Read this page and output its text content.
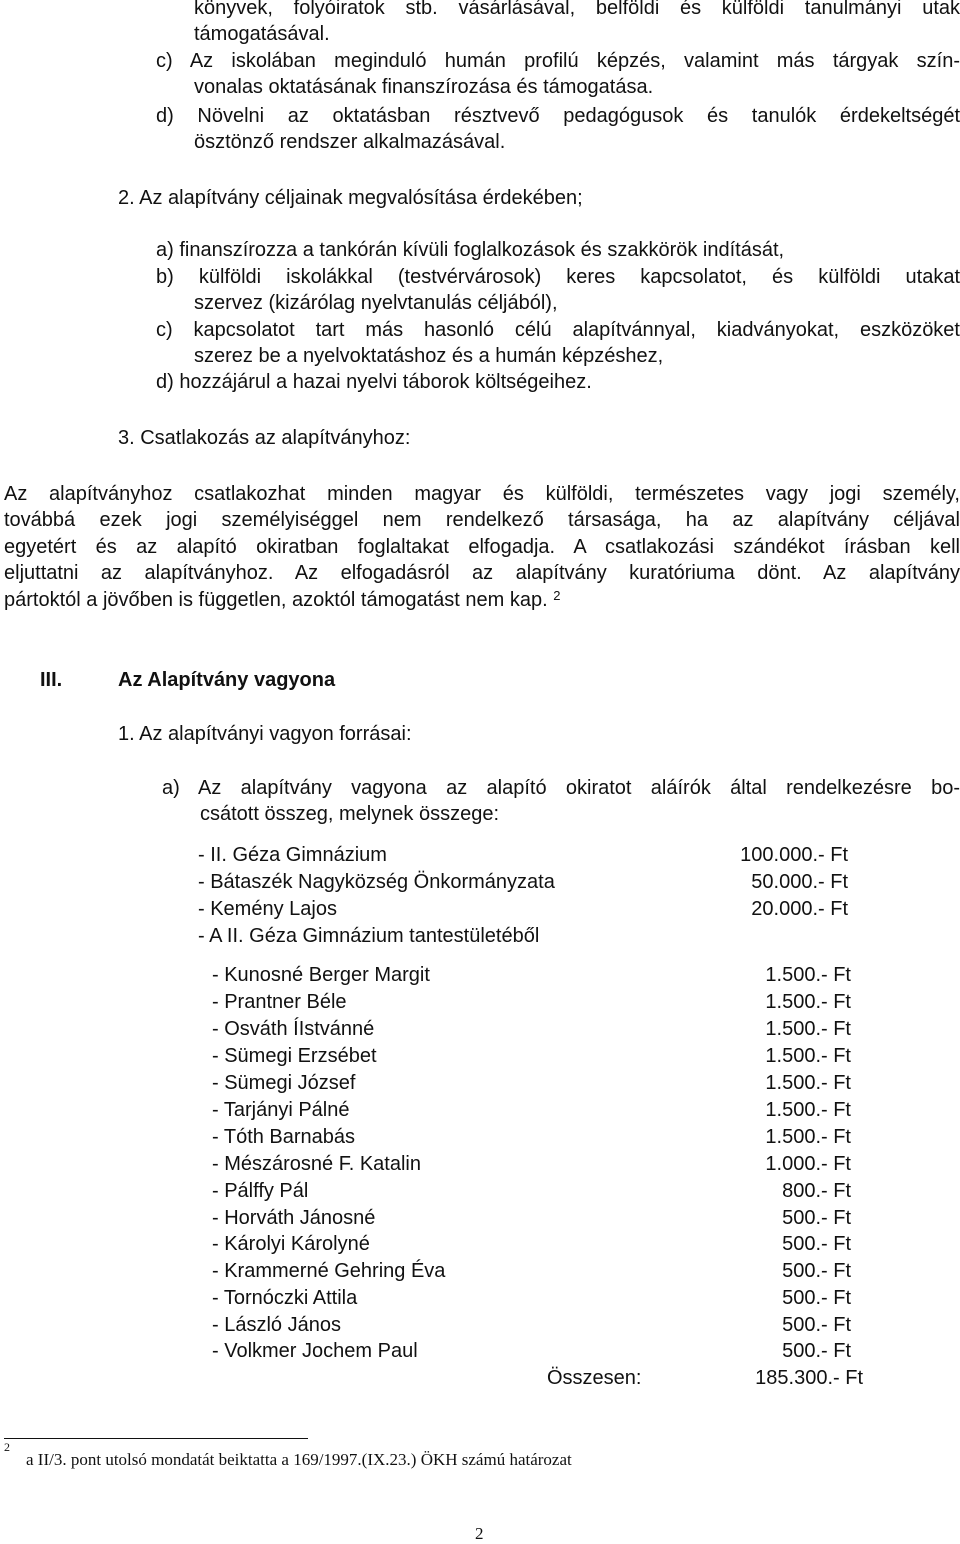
könyvek, folyóiratok stb. vásárlásával, belföldi és külföldi tanulmányi utak
támogatásával.
c) Az iskolában meginduló humán profilú képzés, valamint más tárgyak szín-
vonalas oktatásának finanszírozása és támogatása.
d) Növelni az oktatásban résztvevő pedagógusok és tanulók érdekeltségét
ösztönző rendszer alkalmazásával.
2. Az alapítvány céljainak megvalósítása érdekében;
a) finanszírozza a tankórán kívüli foglalkozások és szakkörök indítását,
b) külföldi iskolákkal (testvérvárosok) keres kapcsolatot, és külföldi utakat
szervez (kizárólag nyelvtanulás céljából),
c) kapcsolatot tart más hasonló célú alapítvánnyal, kiadványokat, eszközöket
szerez be a nyelvoktatáshoz és a humán képzéshez,
d) hozzájárul a hazai nyelvi táborok költségeihez.
3. Csatlakozás az alapítványhoz:
Az alapítványhoz csatlakozhat minden magyar és külföldi, természetes vagy jogi személy,
továbbá ezek jogi személyiséggel nem rendelkező társasága, ha az alapítvány céljával
egyetért és az alapító okiratban foglaltakat elfogadja. A csatlakozási szándékot írásban kell
eljuttatni az alapítványhoz. Az elfogadásról az alapítvány kuratóriuma dönt. Az alapítvány
pártoktól a jövőben is független, azoktól támogatást nem kap. $^2$
III.	Az Alapítvány vagyona
1. Az alapítványi vagyon forrásai:
a) Az alapítvány vagyona az alapító okiratot aláírók által rendelkezésre bo-
csátott összeg, melynek összege:
- II. Géza Gimnázium	100.000.- Ft
- Bátaszék Nagyközség Önkormányzata	50.000.- Ft
- Kemény Lajos	20.000.- Ft
- A II. Géza Gimnázium tantestületéből
- Kunosné Berger Margit	1.500.- Ft
- Prantner Béle	1.500.- Ft
- Osváth ÍIstvánné	1.500.- Ft
- Sümegi Erzsébet	1.500.- Ft
- Sümegi József	1.500.- Ft
- Tarjányi Pálné	1.500.- Ft
- Tóth Barnabás	1.500.- Ft
- Mészárosné F. Katalin	1.000.- Ft
- Pálffy Pál	800.- Ft
- Horváth Jánosné	500.- Ft
- Károlyi Károlyné	500.- Ft
- Krammerné Gehring Éva	500.- Ft
- Tornóczki Attila	500.- Ft
- László János	500.- Ft
- Volkmer Jochem Paul	500.- Ft
Összesen:	185.300.- Ft
2
a II/3. pont utolsó mondatát beiktatta a 169/1997.(IX.23.) ÖKH számú határozat
2
